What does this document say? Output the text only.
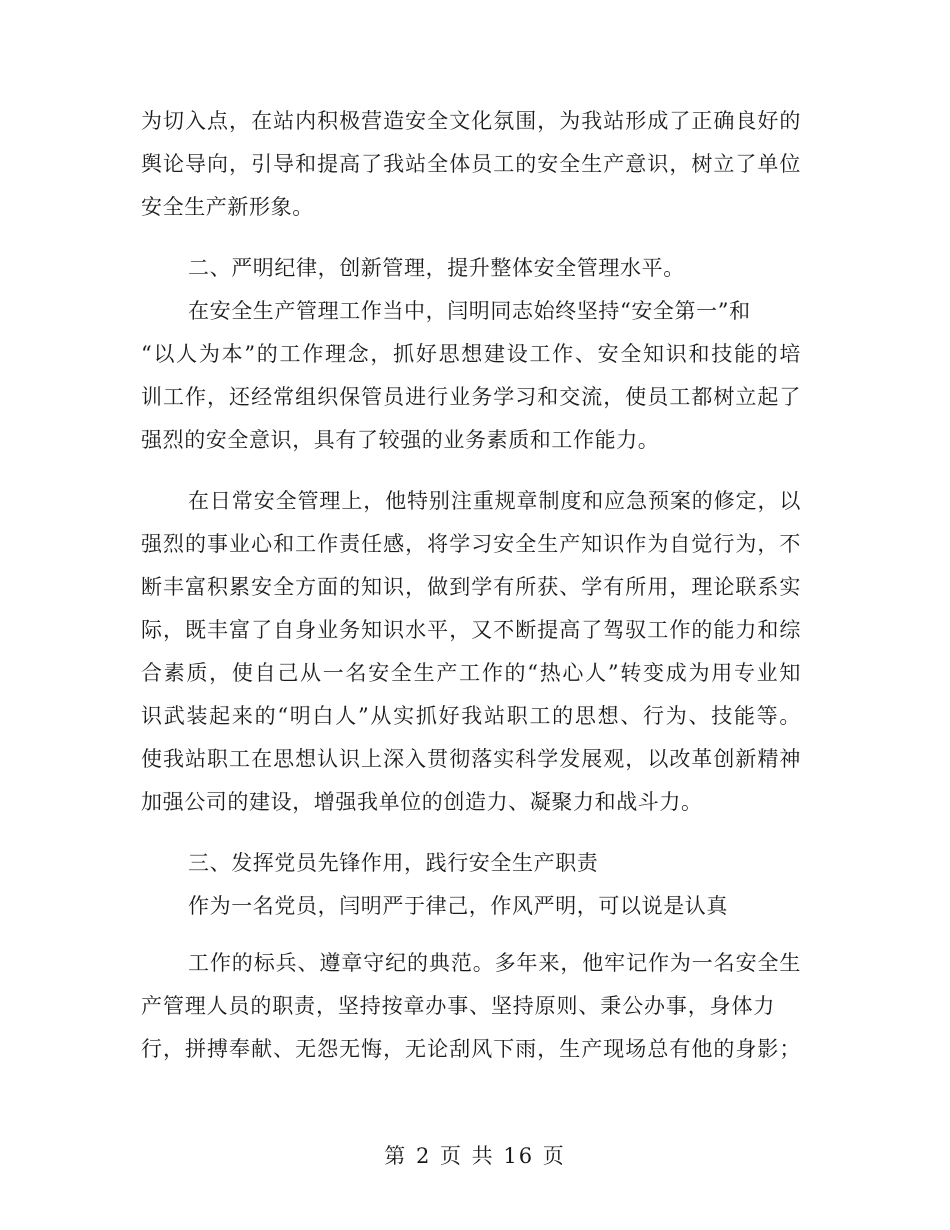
为切入点，在站内积极营造安全文化氛围，为我站形成了正确良好的
舆论导向，引导和提高了我站全体员工的安全生产意识，树立了单位
安全生产新形象。
二、严明纪律，创新管理，提升整体安全管理水平。
在安全生产管理工作当中，闫明同志始终坚持“安全第一”和
“以人为本”的工作理念，抓好思想建设工作、安全知识和技能的培
训工作，还经常组织保管员进行业务学习和交流，使员工都树立起了
强烈的安全意识，具有了较强的业务素质和工作能力。
在日常安全管理上，他特别注重规章制度和应急预案的修定，以
强烈的事业心和工作责任感，将学习安全生产知识作为自觉行为，不
断丰富积累安全方面的知识，做到学有所获、学有所用，理论联系实
际，既丰富了自身业务知识水平，又不断提高了驾驭工作的能力和综
合素质，使自己从一名安全生产工作的“热心人”转变成为用专业知
识武装起来的“明白人”从实抓好我站职工的思想、行为、技能等。
使我站职工在思想认识上深入贯彻落实科学发展观，以改革创新精神
加强公司的建设，增强我单位的创造力、凝聚力和战斗力。
三、发挥党员先锋作用，践行安全生产职责
作为一名党员，闫明严于律己，作风严明，可以说是认真
工作的标兵、遵章守纪的典范。多年来，他牢记作为一名安全生
产管理人员的职责，坚持按章办事、坚持原则、秉公办事，身体力
行，拼搏奉献、无怨无悔，无论刮风下雨，生产现场总有他的身影；
第 2 页 共 16 页
